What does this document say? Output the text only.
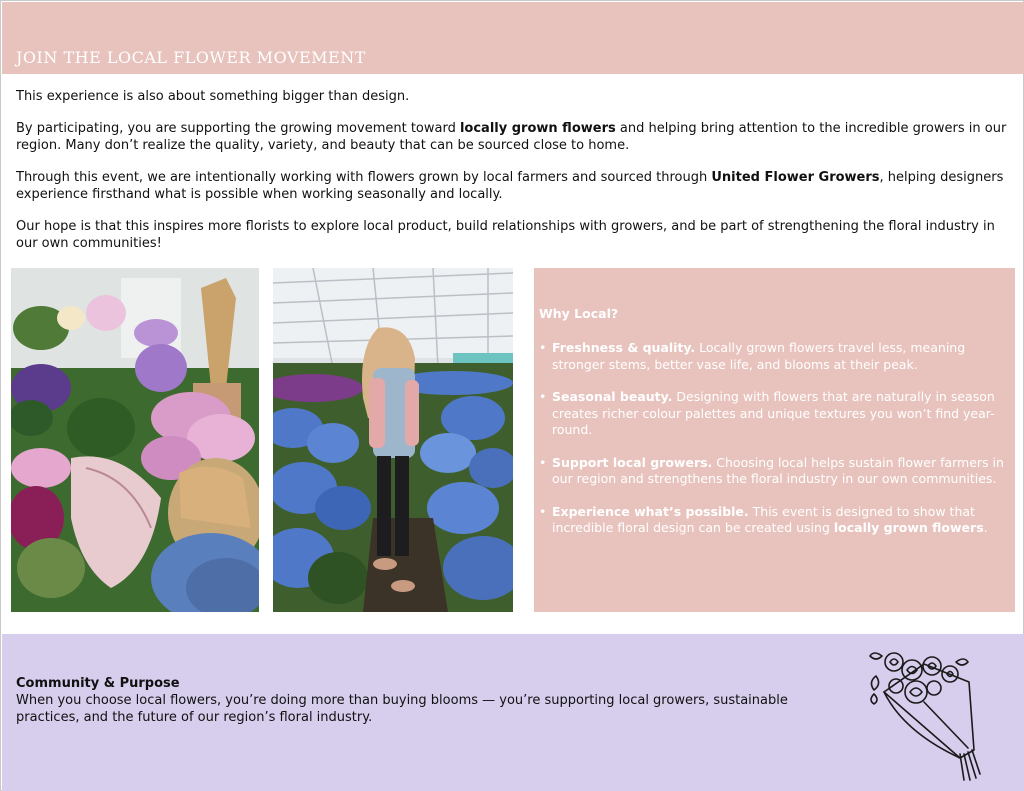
JOIN THE LOCAL FLOWER MOVEMENT

This experience is also about something bigger than design.

By participating, you are supporting the growing movement toward locally grown flowers and helping bring attention to the incredible growers in our region. Many don’t realize the quality, variety, and beauty that can be sourced close to home.

Through this event, we are intentionally working with flowers grown by local farmers and sourced through United Flower Growers, helping designers experience firsthand what is possible when working seasonally and locally.

Our hope is that this inspires more florists to explore local product, build relationships with growers, and be part of strengthening the floral industry in our own communities!

Why Local?
• Freshness & quality. Locally grown flowers travel less, meaning stronger stems, better vase life, and blooms at their peak.
• Seasonal beauty. Designing with flowers that are naturally in season creates richer colour palettes and unique textures you won’t find year-round.
• Support local growers. Choosing local helps sustain flower farmers in our region and strengthens the floral industry in our own communities.
• Experience what’s possible. This event is designed to show that incredible floral design can be created using locally grown flowers.
Community & Purpose

When you choose local flowers, you’re doing more than buying blooms — you’re supporting local growers, sustainable practices, and the future of our region’s floral industry.
